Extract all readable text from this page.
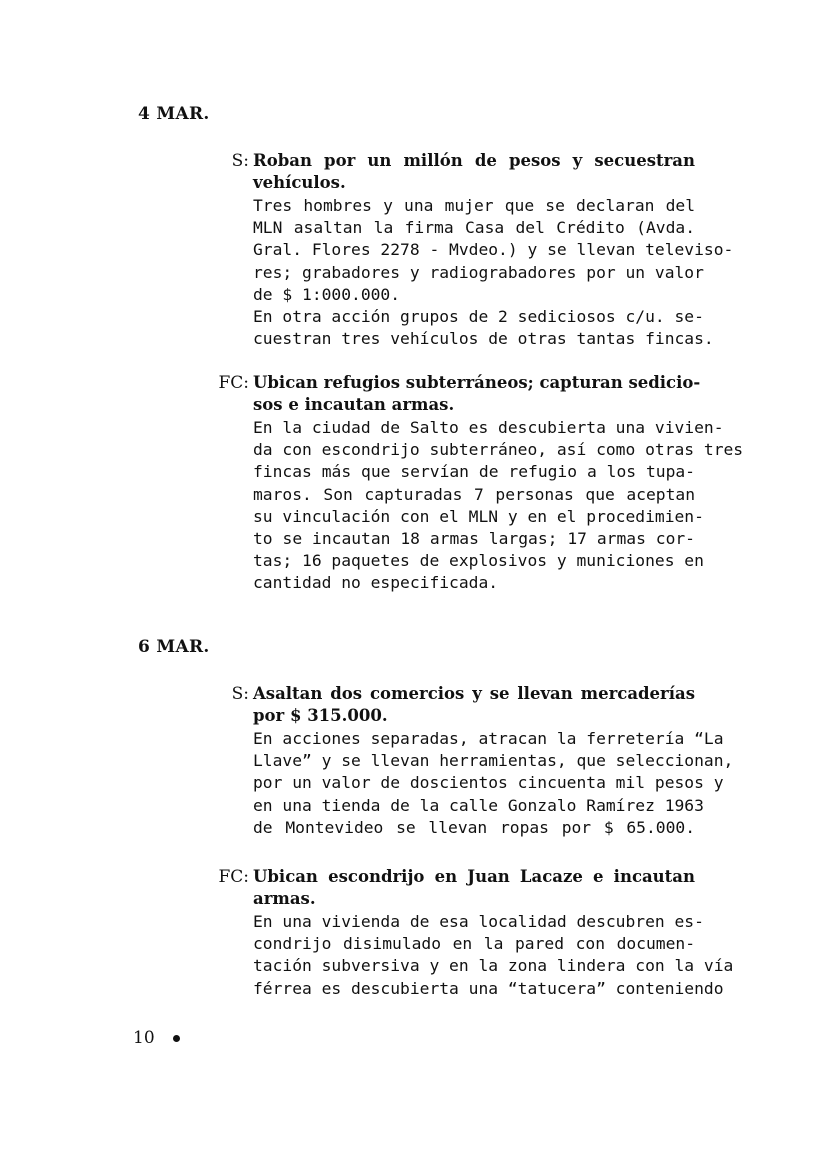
4 MAR.
S: Roban por un millón de pesos y secuestran
vehículos.
Tres hombres y una mujer que se declaran del
MLN asaltan la firma Casa del Crédito (Avda.
Gral. Flores 2278 - Mvdeo.) y se llevan televiso-
res; grabadores y radiograbadores por un valor
de $ 1:000.000.
En otra acción grupos de 2 sediciosos c/u. se-
cuestran tres vehículos de otras tantas fincas.
FC: Ubican refugios subterráneos; capturan sedicio-
sos e incautan armas.
En la ciudad de Salto es descubierta una vivien-
da con escondrijo subterráneo, así como otras tres
fincas más que servían de refugio a los tupa-
maros. Son capturadas 7 personas que aceptan
su vinculación con el MLN y en el procedimien-
to se incautan 18 armas largas; 17 armas cor-
tas; 16 paquetes de explosivos y municiones en
cantidad no especificada.
6 MAR.
S: Asaltan dos comercios y se llevan mercaderías
por $ 315.000.
En acciones separadas, atracan la ferretería “La
Llave” y se llevan herramientas, que seleccionan,
por un valor de doscientos cincuenta mil pesos y
en una tienda de la calle Gonzalo Ramírez 1963
de Montevideo se llevan ropas por $ 65.000.
FC: Ubican escondrijo en Juan Lacaze e incautan
armas.
En una vivienda de esa localidad descubren es-
condrijo disimulado en la pared con documen-
tación subversiva y en la zona lindera con la vía
férrea es descubierta una “tatucera” conteniendo
10
